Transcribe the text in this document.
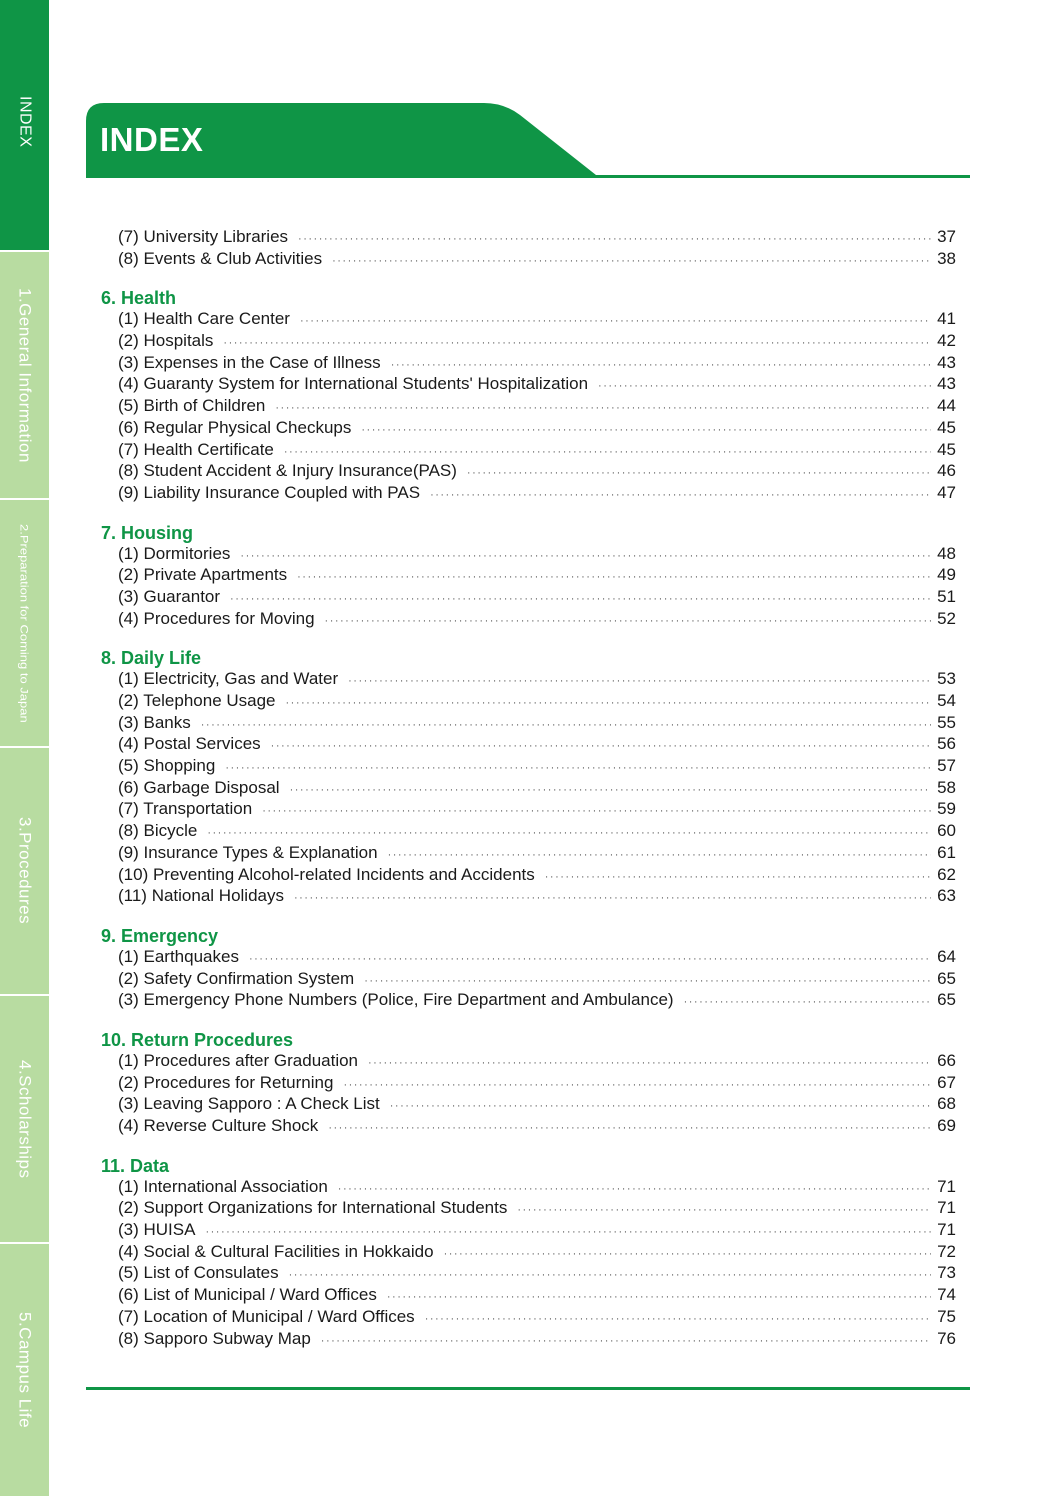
INDEX
1.General Information
2.Preparation for Coming to Japan
3.Procedures
4.Scholarships
5.Campus Life
INDEX
(7) University Libraries ·····	37
(8) Events & Club Activities ·····	38
6. Health
(1) Health Care Center ·····	41
(2) Hospitals ·····	42
(3) Expenses in the Case of Illness ·····	43
(4) Guaranty System for International Students' Hospitalization ·····	43
(5) Birth of Children ·····	44
(6) Regular Physical Checkups ·····	45
(7) Health Certificate ·····	45
(8) Student Accident & Injury Insurance(PAS) ·····	46
(9) Liability Insurance Coupled with PAS ·····	47
7. Housing
(1) Dormitories ·····	48
(2) Private Apartments ·····	49
(3) Guarantor ·····	51
(4) Procedures for Moving ·····	52
8. Daily Life
(1) Electricity, Gas and Water ·····	53
(2) Telephone Usage ·····	54
(3) Banks ·····	55
(4) Postal Services ·····	56
(5) Shopping ·····	57
(6) Garbage Disposal ·····	58
(7) Transportation ·····	59
(8) Bicycle ·····	60
(9) Insurance Types & Explanation ·····	61
(10) Preventing Alcohol-related Incidents and Accidents ·····	62
(11) National Holidays ·····	63
9. Emergency
(1) Earthquakes ·····	64
(2) Safety Confirmation System ·····	65
(3) Emergency Phone Numbers (Police, Fire Department and Ambulance) ·····	65
10. Return Procedures
(1) Procedures after Graduation ·····	66
(2) Procedures for Returning ·····	67
(3) Leaving Sapporo : A Check List ·····	68
(4) Reverse Culture Shock ·····	69
11. Data
(1) International Association ·····	71
(2) Support Organizations for International Students ·····	71
(3) HUISA ·····	71
(4) Social & Cultural Facilities in Hokkaido ·····	72
(5) List of Consulates ·····	73
(6) List of Municipal / Ward Offices ·····	74
(7) Location of Municipal / Ward Offices ·····	75
(8) Sapporo Subway Map ·····	76
